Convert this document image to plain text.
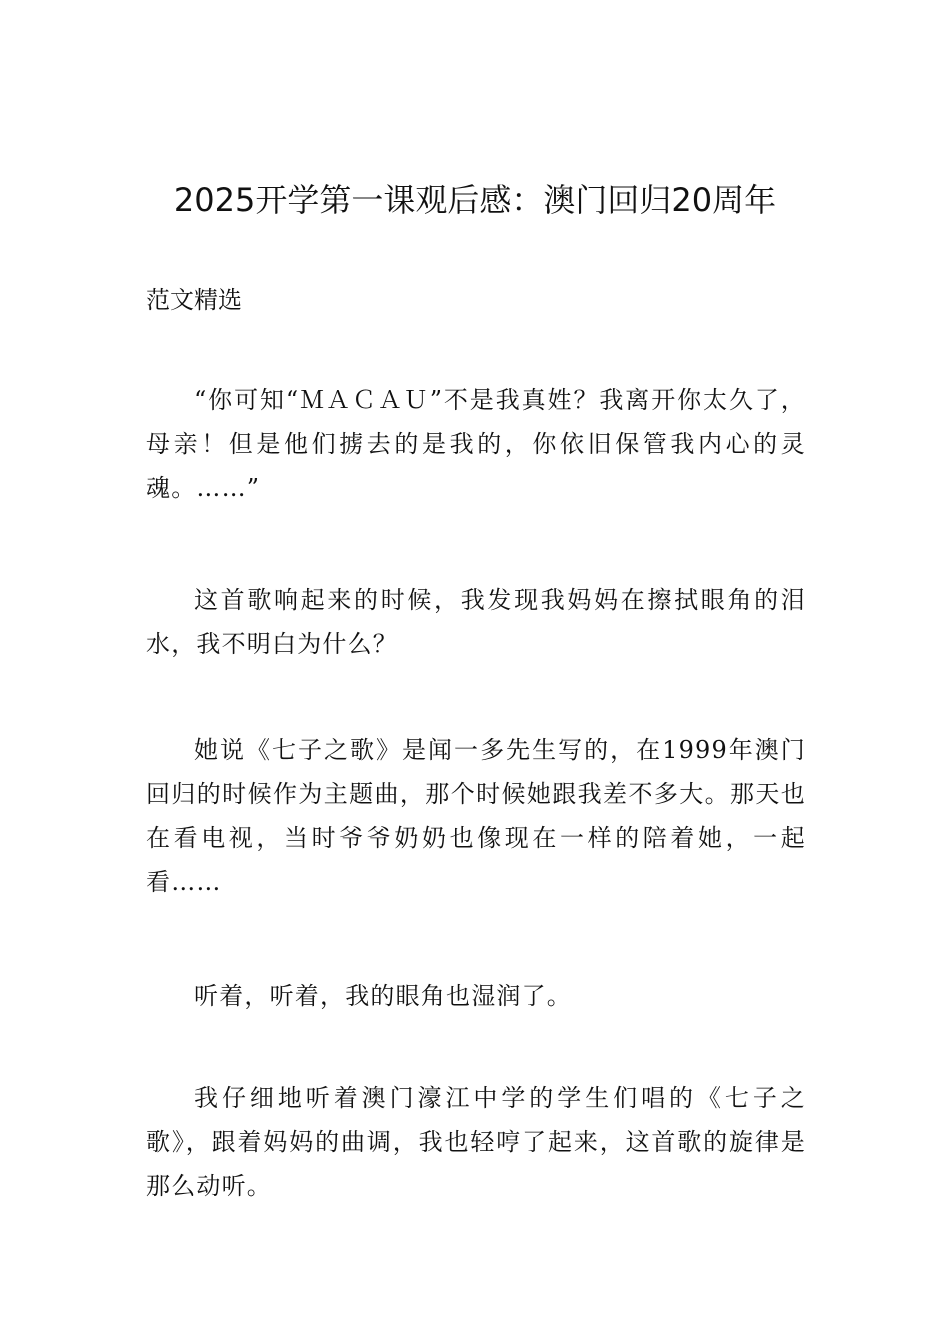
2025开学第一课观后感：澳门回归20周年

范文精选

“你可知“ＭＡＣＡＵ”不是我真姓？我离开你太久了，母亲！但是他们掳去的是我的，你依旧保管我内心的灵魂。……”

这首歌响起来的时候，我发现我妈妈在擦拭眼角的泪水，我不明白为什么？

她说《七子之歌》是闻一多先生写的，在1999年澳门回归的时候作为主题曲，那个时候她跟我差不多大。那天也在看电视，当时爷爷奶奶也像现在一样的陪着她，一起看……

听着，听着，我的眼角也湿润了。

我仔细地听着澳门濠江中学的学生们唱的《七子之歌》，跟着妈妈的曲调，我也轻哼了起来，这首歌的旋律是那么动听。
